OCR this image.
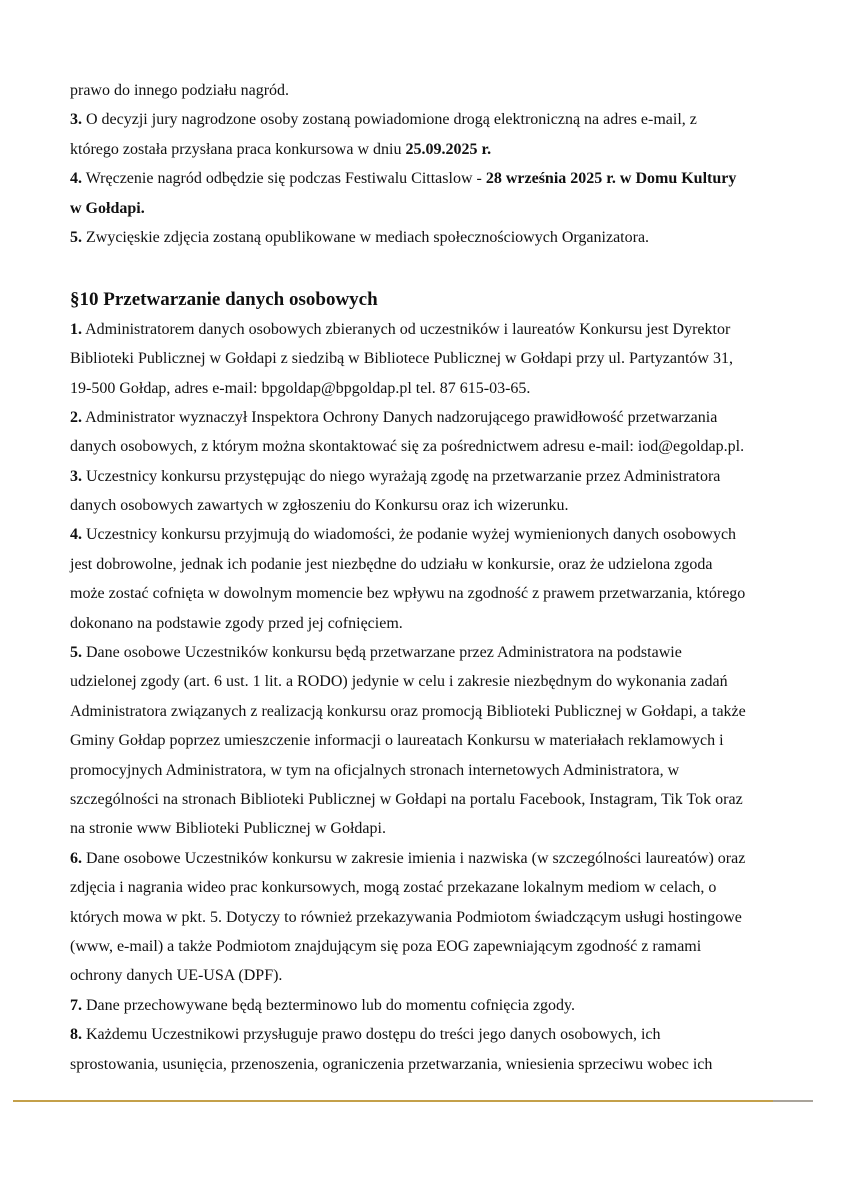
prawo do innego podziału nagród.
3. O decyzji jury nagrodzone osoby zostaną powiadomione drogą elektroniczną na adres e-mail, z
którego została przysłana praca konkursowa w dniu 25.09.2025 r.
4. Wręczenie nagród odbędzie się podczas Festiwalu Cittaslow - 28 września 2025 r. w Domu Kultury
w Gołdapi.
5. Zwycięskie zdjęcia zostaną opublikowane w mediach społecznościowych Organizatora.
§10 Przetwarzanie danych osobowych
1. Administratorem danych osobowych zbieranych od uczestników i laureatów Konkursu jest Dyrektor
Biblioteki Publicznej w Gołdapi z siedzibą w Bibliotece Publicznej w Gołdapi przy ul. Partyzantów 31,
19-500 Gołdap, adres e-mail: bpgoldap@bpgoldap.pl tel. 87 615-03-65.
2. Administrator wyznaczył Inspektora Ochrony Danych nadzorującego prawidłowość przetwarzania
danych osobowych, z którym można skontaktować się za pośrednictwem adresu e-mail: iod@egoldap.pl.
3. Uczestnicy konkursu przystępując do niego wyrażają zgodę na przetwarzanie przez Administratora
danych osobowych zawartych w zgłoszeniu do Konkursu oraz ich wizerunku.
4. Uczestnicy konkursu przyjmują do wiadomości, że podanie wyżej wymienionych danych osobowych
jest dobrowolne, jednak ich podanie jest niezbędne do udziału w konkursie, oraz że udzielona zgoda
może zostać cofnięta w dowolnym momencie bez wpływu na zgodność z prawem przetwarzania, którego
dokonano na podstawie zgody przed jej cofnięciem.
5. Dane osobowe Uczestników konkursu będą przetwarzane przez Administratora na podstawie
udzielonej zgody (art. 6 ust. 1 lit. a RODO) jedynie w celu i zakresie niezbędnym do wykonania zadań
Administratora związanych z realizacją konkursu oraz promocją Biblioteki Publicznej w Gołdapi, a także
Gminy Gołdap poprzez umieszczenie informacji o laureatach Konkursu w materiałach reklamowych i
promocyjnych Administratora, w tym na oficjalnych stronach internetowych Administratora, w
szczególności na stronach Biblioteki Publicznej w Gołdapi na portalu Facebook, Instagram, Tik Tok oraz
na stronie www Biblioteki Publicznej w Gołdapi.
6. Dane osobowe Uczestników konkursu w zakresie imienia i nazwiska (w szczególności laureatów) oraz
zdjęcia i nagrania wideo prac konkursowych, mogą zostać przekazane lokalnym mediom w celach, o
których mowa w pkt. 5. Dotyczy to również przekazywania Podmiotom świadczącym usługi hostingowe
(www, e-mail) a także Podmiotom znajdującym się poza EOG zapewniającym zgodność z ramami
ochrony danych UE-USA (DPF).
7. Dane przechowywane będą bezterminowo lub do momentu cofnięcia zgody.
8. Każdemu Uczestnikowi przysługuje prawo dostępu do treści jego danych osobowych, ich
sprostowania, usunięcia, przenoszenia, ograniczenia przetwarzania, wniesienia sprzeciwu wobec ich
